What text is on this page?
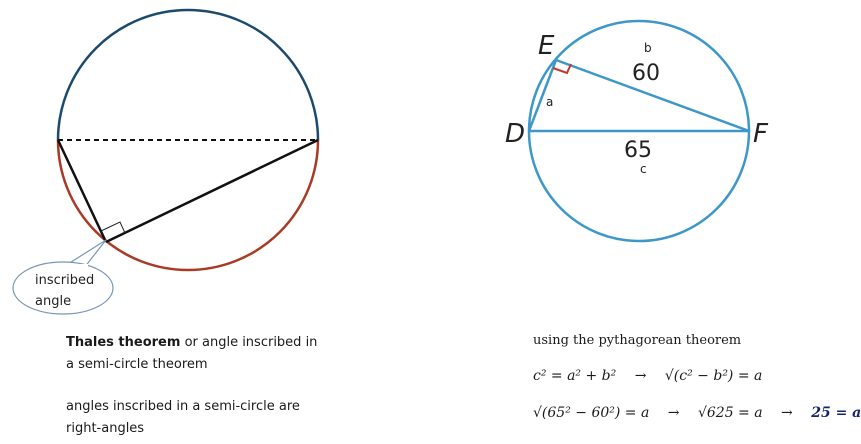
inscribed
angle
E
D	F
b
60
a
65
c
Thales theorem or angle inscribed in
a semi-circle theorem
angles inscribed in a semi-circle are
right-angles
using the pythagorean theorem
c² = a² + b² → √(c² − b²) = a
√(65² − 60²) = a → √625 = a → 25 = a
